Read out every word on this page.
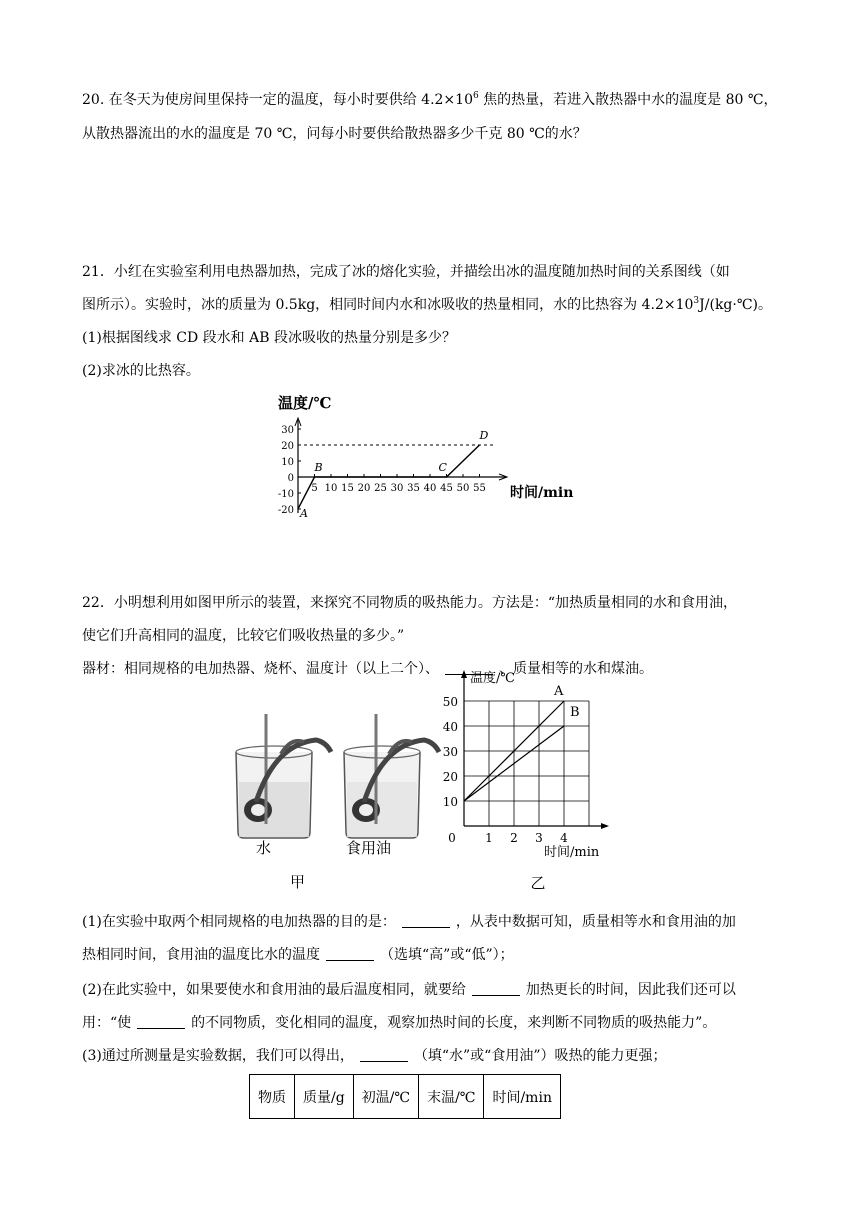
20. 在冬天为使房间里保持一定的温度，每小时要供给 $4.2\times 10^6$ 焦的热量，若进入散热器中水的温度是 80 ℃，
从散热器流出的水的温度是 70 ℃，问每小时要供给散热器多少千克 80 ℃的水？
21．小红在实验室利用电热器加热，完成了冰的熔化实验，并描绘出冰的温度随加热时间的关系图线（如
图所示）。实验时，冰的质量为 0.5kg，相同时间内水和冰吸收的热量相同，水的比热容为 $4.2\times 10^3J/(kg\cdot℃)$。
(1)根据图线求 CD 段水和 AB 段冰吸收的热量分别是多少？
(2)求冰的比热容。
温度/℃
时间/min
30
20
10
0
-10
-20
5 10 15 20 25 30 35 40 45 50 55
A
B	C
D
22．小明想利用如图甲所示的装置，来探究不同物质的吸热能力。方法是：“加热质量相同的水和食用油，
使它们升高相同的温度，比较它们吸收热量的多少。”
器材：相同规格的电加热器、烧杯、温度计（以上二个）、	、质量相等的水和煤油。
水	食用油
甲
温度/℃
时间/min
50
40
30
20
10
0 1 2 3 4
A
B
乙
(1)在实验中取两个相同规格的电加热器的目的是：	，从表中数据可知，质量相等水和食用油的加
热相同时间，食用油的温度比水的温度	（选填“高”或“低”）；
(2)在此实验中，如果要使水和食用油的最后温度相同，就要给	加热更长的时间，因此我们还可以
用：“使	的不同物质，变化相同的温度，观察加热时间的长度，来判断不同物质的吸热能力”。
(3)通过所测量是实验数据，我们可以得出，	（填“水”或“食用油”）吸热的能力更强；
物质	质量/g	初温/℃	末温/℃	时间/min
